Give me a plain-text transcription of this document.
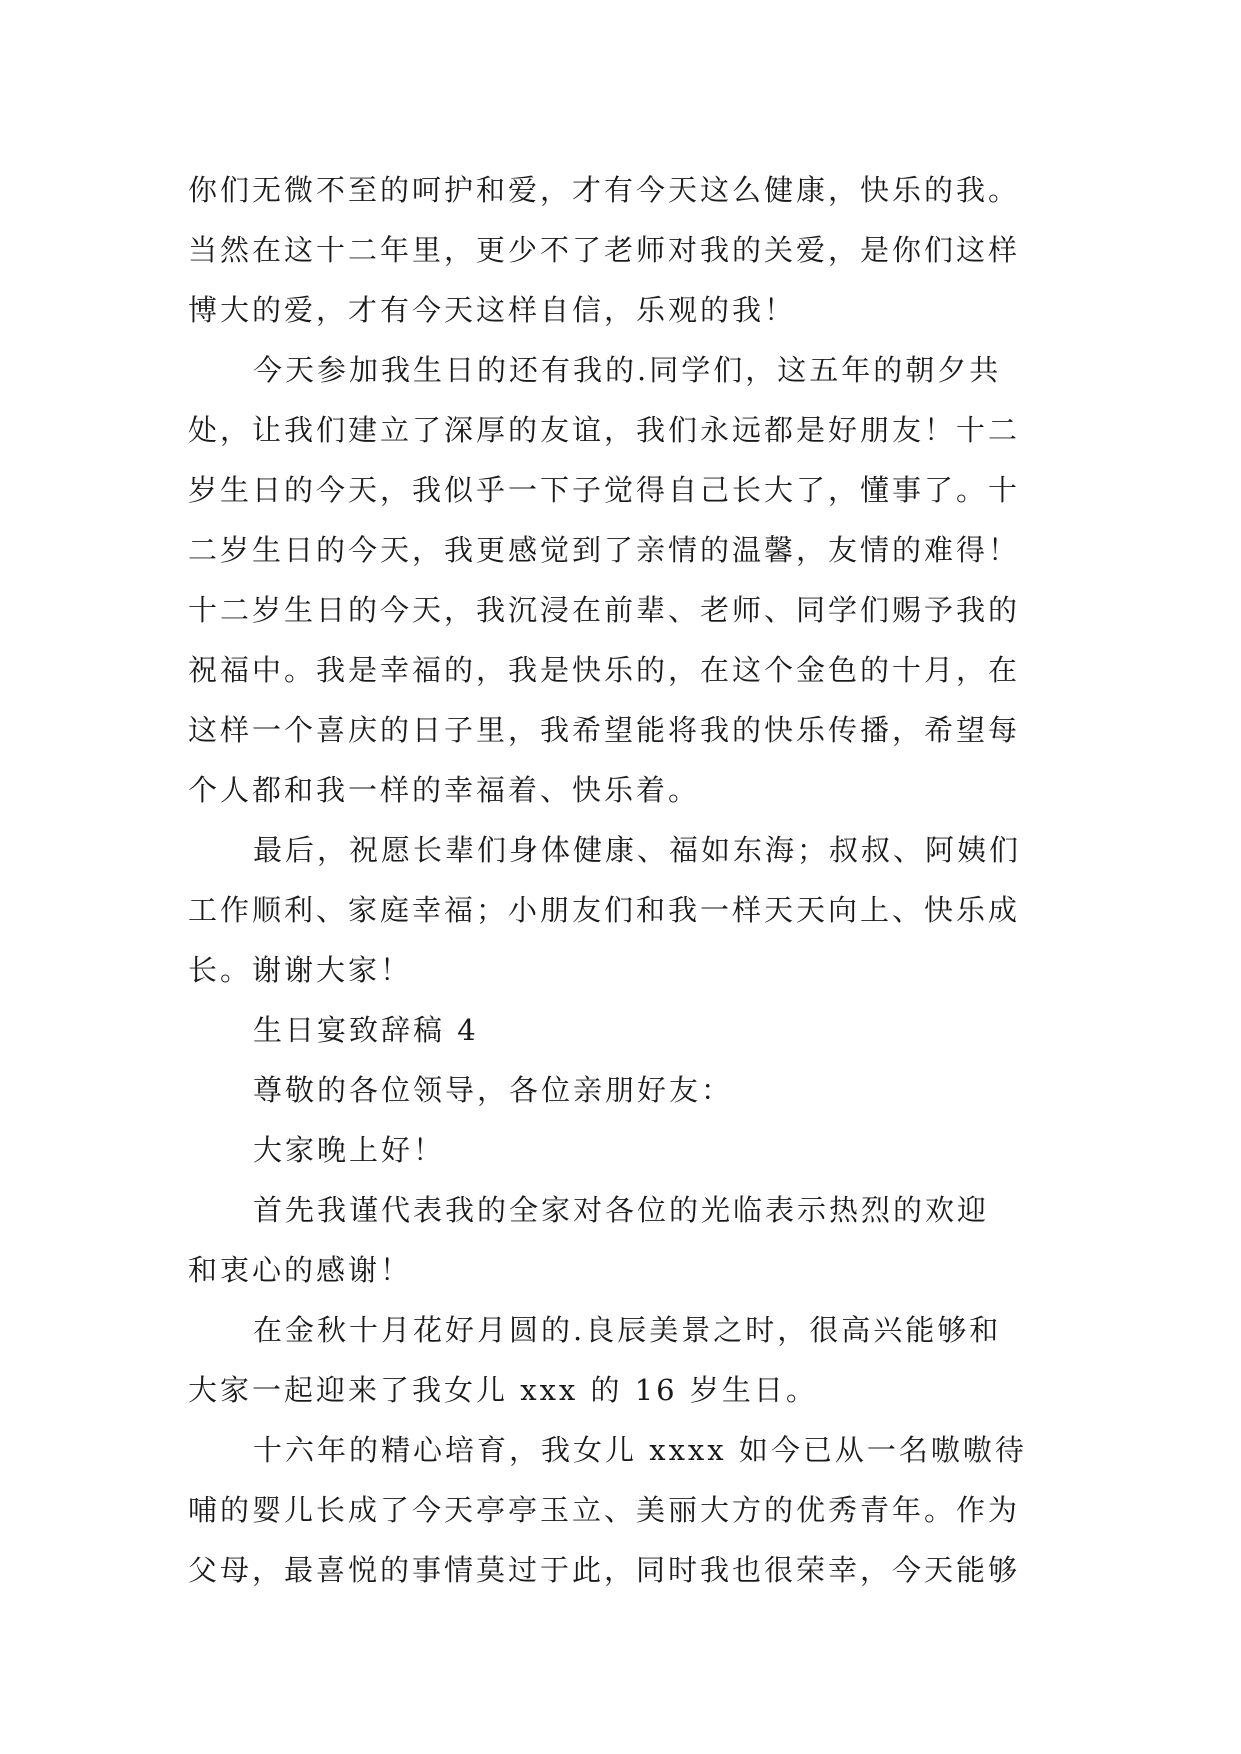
你们无微不至的呵护和爱，才有今天这么健康，快乐的我。
当然在这十二年里，更少不了老师对我的关爱，是你们这样
博大的爱，才有今天这样自信，乐观的我！
今天参加我生日的还有我的.同学们，这五年的朝夕共
处，让我们建立了深厚的友谊，我们永远都是好朋友！十二
岁生日的今天，我似乎一下子觉得自己长大了，懂事了。十
二岁生日的今天，我更感觉到了亲情的温馨，友情的难得！
十二岁生日的今天，我沉浸在前辈、老师、同学们赐予我的
祝福中。我是幸福的，我是快乐的，在这个金色的十月，在
这样一个喜庆的日子里，我希望能将我的快乐传播，希望每
个人都和我一样的幸福着、快乐着。
最后，祝愿长辈们身体健康、福如东海；叔叔、阿姨们
工作顺利、家庭幸福；小朋友们和我一样天天向上、快乐成
长。谢谢大家！
生日宴致辞稿 4
尊敬的各位领导，各位亲朋好友：
大家晚上好！
首先我谨代表我的全家对各位的光临表示热烈的欢迎
和衷心的感谢！
在金秋十月花好月圆的.良辰美景之时，很高兴能够和
大家一起迎来了我女儿 xxx 的 16 岁生日。
十六年的精心培育，我女儿 xxxx 如今已从一名嗷嗷待
哺的婴儿长成了今天亭亭玉立、美丽大方的优秀青年。作为
父母，最喜悦的事情莫过于此，同时我也很荣幸，今天能够
